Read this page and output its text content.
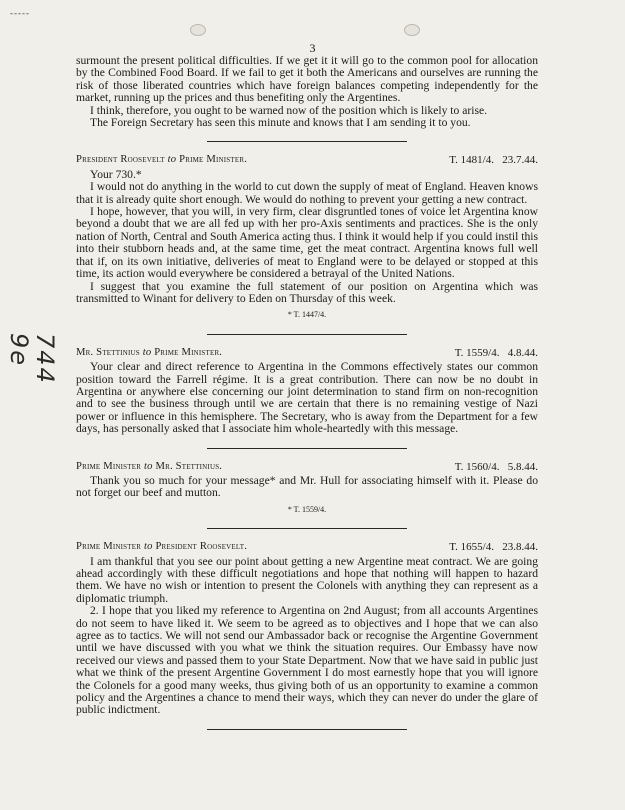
-----
744
9e
3

surmount the present political difficulties. If we get it it will go to the common pool for allocation by the Combined Food Board. If we fail to get it both the Americans and ourselves are running the risk of those liberated countries which have foreign balances competing independently for the market, running up the prices and thus benefiting only the Argentines.

I think, therefore, you ought to be warned now of the position which is likely to arise.

The Foreign Secretary has seen this minute and knows that I am sending it to you.

President Roosevelt to Prime Minister.	T. 1481/4. 23.7.44.

Your 730.*

I would not do anything in the world to cut down the supply of meat of England. Heaven knows that it is already quite short enough. We would do nothing to prevent your getting a new contract.

I hope, however, that you will, in very firm, clear disgruntled tones of voice let Argentina know beyond a doubt that we are all fed up with her pro-Axis sentiments and practices. She is the only nation of North, Central and South America acting thus. I think it would help if you could instil this into their stubborn heads and, at the same time, get the meat contract. Argentina knows full well that if, on its own initiative, deliveries of meat to England were to be delayed or stopped at this time, its action would everywhere be considered a betrayal of the United Nations.

I suggest that you examine the full statement of our position on Argentina which was transmitted to Winant for delivery to Eden on Thursday of this week.

* T. 1447/4.
Mr. Stettinius to Prime Minister.	T. 1559/4. 4.8.44.

Your clear and direct reference to Argentina in the Commons effectively states our common position toward the Farrell régime. It is a great contribution. There can now be no doubt in Argentina or anywhere else concerning our joint determination to stand firm on non-recognition and to see the business through until we are certain that there is no remaining vestige of Nazi power or influence in this hemisphere. The Secretary, who is away from the Department for a few days, has personally asked that I associate him whole-heartedly with this message.

Prime Minister to Mr. Stettinius.	T. 1560/4. 5.8.44.

Thank you so much for your message* and Mr. Hull for associating himself with it. Please do not forget our beef and mutton.

* T. 1559/4.
Prime Minister to President Roosevelt.	T. 1655/4. 23.8.44.

I am thankful that you see our point about getting a new Argentine meat contract. We are going ahead accordingly with these difficult negotiations and hope that nothing will happen to hazard them. We have no wish or intention to present the Colonels with anything they can represent as a diplomatic triumph.

2. I hope that you liked my reference to Argentina on 2nd August; from all accounts Argentines do not seem to have liked it. We seem to be agreed as to objectives and I hope that we can also agree as to tactics. We will not send our Ambassador back or recognise the Argentine Government until we have discussed with you what we think the situation requires. Our Embassy have now received our views and passed them to your State Department. Now that we have said in public just what we think of the present Argentine Government I do most earnestly hope that you will ignore the Colonels for a good many weeks, thus giving both of us an opportunity to examine a common policy and the Argentines a chance to mend their ways, which they can never do under the glare of public indictment.
